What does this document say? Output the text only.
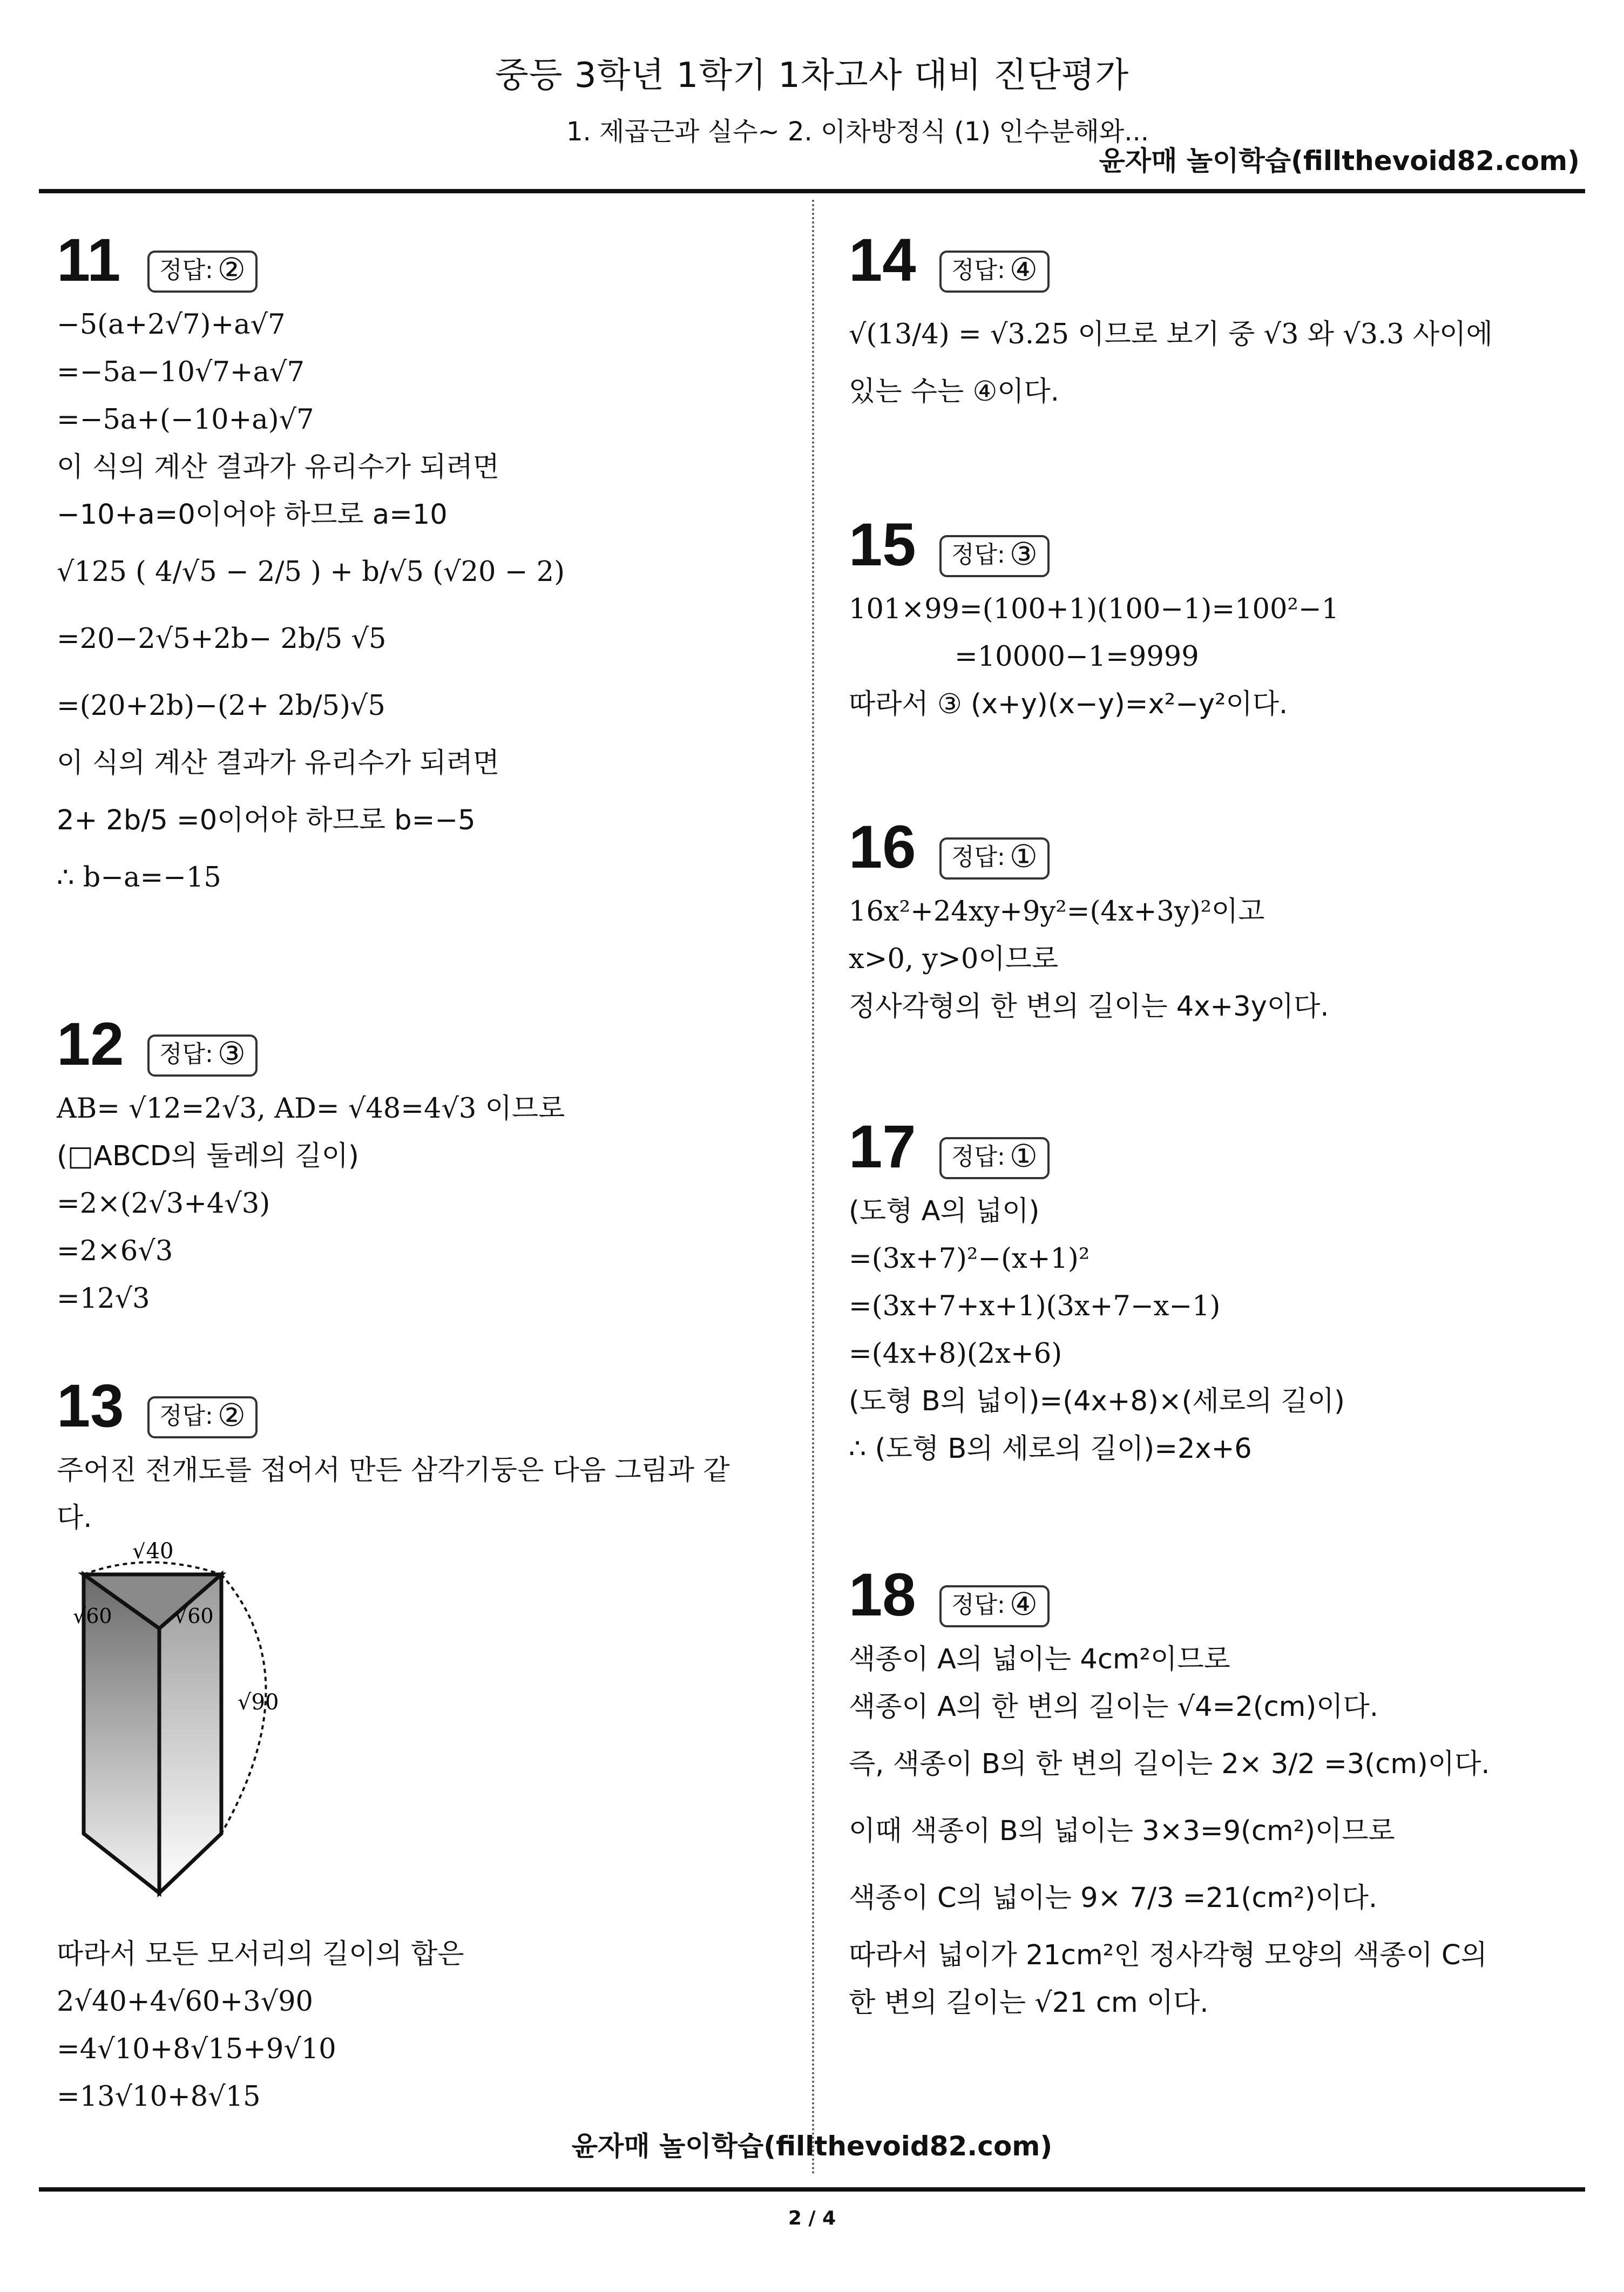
중등 3학년 1학기 1차고사 대비 진단평가
1. 제곱근과 실수~ 2. 이차방정식 (1) 인수분해와...
윤자매 놀이학습(fillthevoid82.com)
11	정답: ②
−5(a+2√7)+a√7
=−5a−10√7+a√7
=−5a+(−10+a)√7
이 식의 계산 결과가 유리수가 되려면
−10+a=0이어야 하므로 a=10
√125 ( 4/√5 − 2/5 ) + b/√5 (√20 − 2)
=20−2√5+2b− 2b/5 √5
=(20+2b)−(2+ 2b/5)√5
이 식의 계산 결과가 유리수가 되려면
2+ 2b/5 =0이어야 하므로 b=−5
∴ b−a=−15
12	정답: ③
AB= √12=2√3, AD= √48=4√3 이므로
(□ABCD의 둘레의 길이)
=2×(2√3+4√3)
=2×6√3
=12√3
13	정답: ②
주어진 전개도를 접어서 만든 삼각기둥은 다음 그림과 같
다.
√40
√60	√60
√90
따라서 모든 모서리의 길이의 합은
2√40+4√60+3√90
=4√10+8√15+9√10
=13√10+8√15
14	정답: ④
√(13/4) = √3.25 이므로 보기 중 √3 와 √3.3 사이에
있는 수는 ④이다.
15	정답: ③
101×99=(100+1)(100−1)=100²−1
=10000−1=9999
따라서 ③ (x+y)(x−y)=x²−y²이다.
16	정답: ①
16x²+24xy+9y²=(4x+3y)²이고
x>0, y>0이므로
정사각형의 한 변의 길이는 4x+3y이다.
17	정답: ①
(도형 A의 넓이)
=(3x+7)²−(x+1)²
=(3x+7+x+1)(3x+7−x−1)
=(4x+8)(2x+6)
(도형 B의 넓이)=(4x+8)×(세로의 길이)
∴ (도형 B의 세로의 길이)=2x+6
18	정답: ④
색종이 A의 넓이는 4cm²이므로
색종이 A의 한 변의 길이는 √4=2(cm)이다.
즉, 색종이 B의 한 변의 길이는 2× 3/2 =3(cm)이다.
이때 색종이 B의 넓이는 3×3=9(cm²)이므로
색종이 C의 넓이는 9× 7/3 =21(cm²)이다.
따라서 넓이가 21cm²인 정사각형 모양의 색종이 C의
한 변의 길이는 √21 cm 이다.
윤자매 놀이학습(fillthevoid82.com)
2 / 4
